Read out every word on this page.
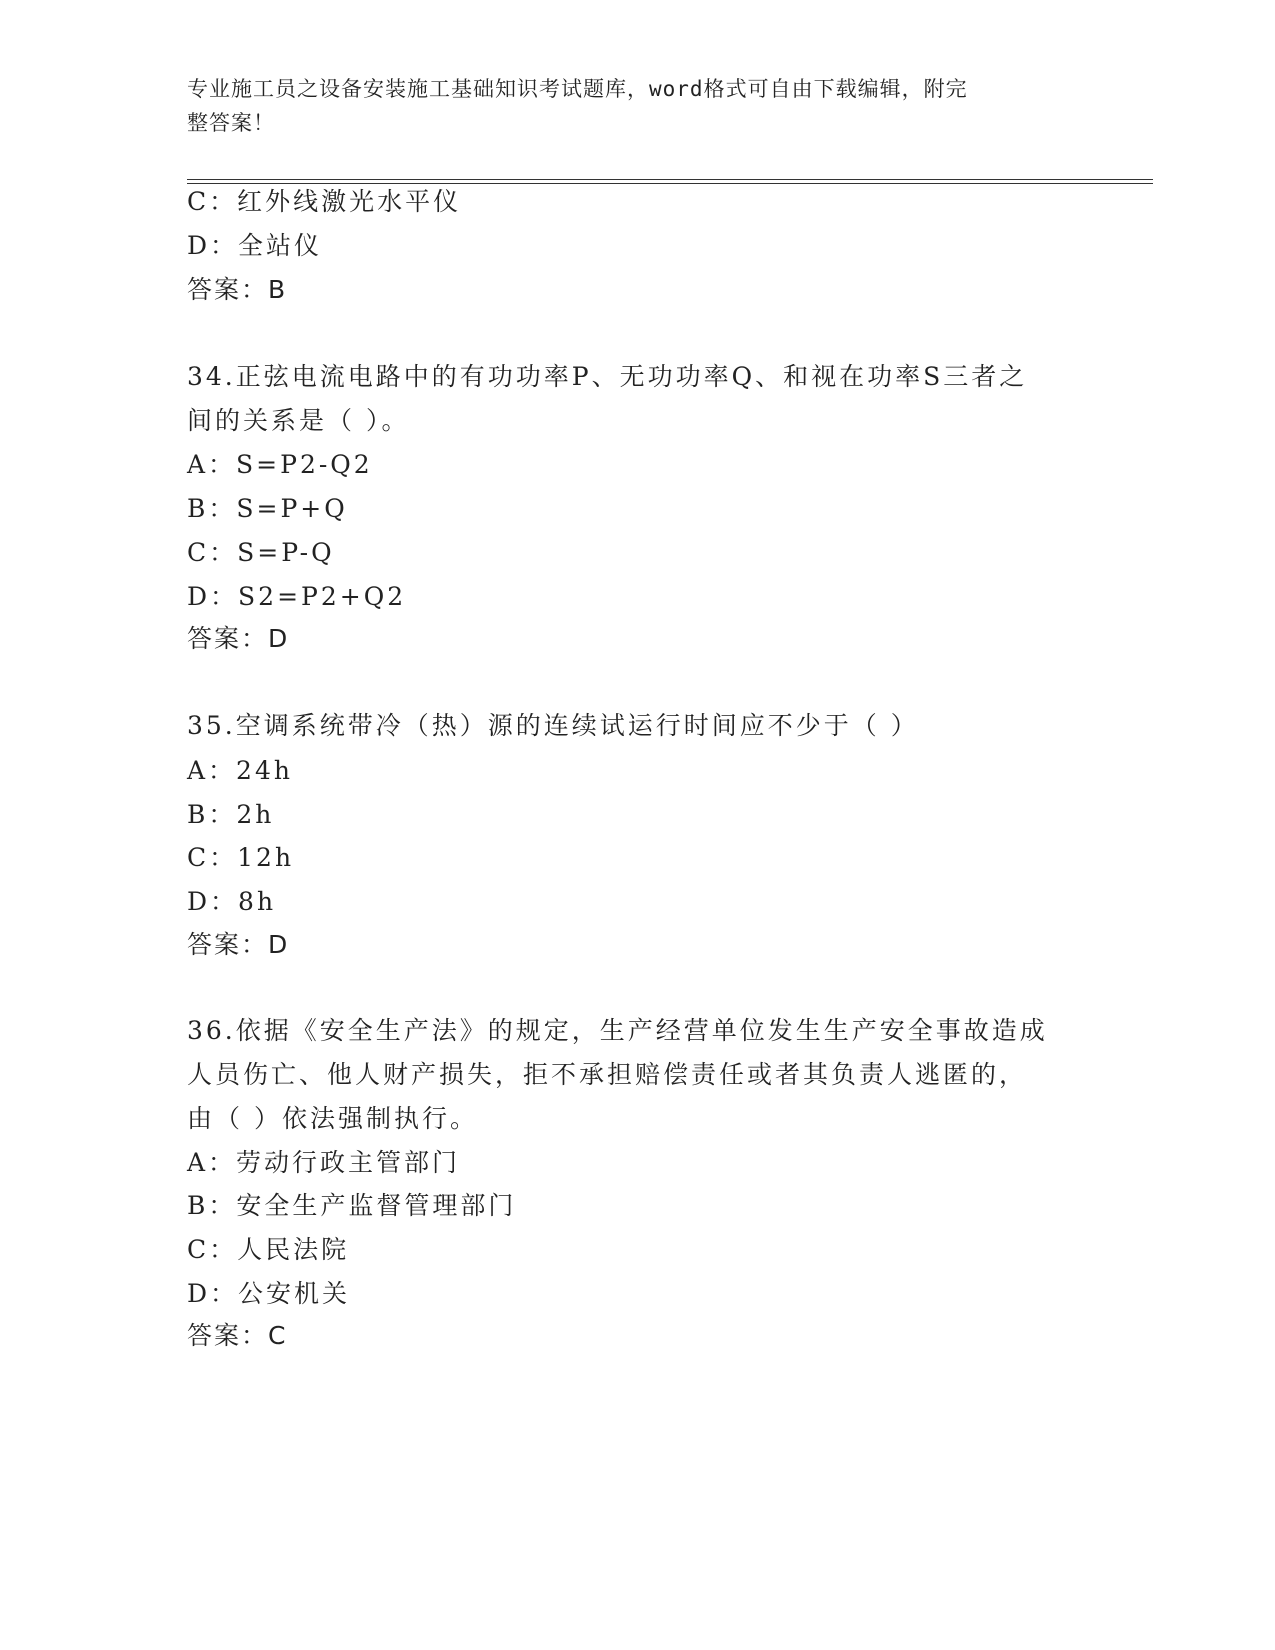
专业施工员之设备安装施工基础知识考试题库，word格式可自由下载编辑，附完
整答案！
C：红外线激光水平仪
D：全站仪
答案：B
34.正弦电流电路中的有功功率P、无功功率Q、和视在功率S三者之
间的关系是（ ）。
A：S=P2-Q2
B：S=P+Q
C：S=P-Q
D：S2=P2+Q2
答案：D
35.空调系统带冷（热）源的连续试运行时间应不少于（ ）
A：24h
B：2h
C：12h
D：8h
答案：D
36.依据《安全生产法》的规定，生产经营单位发生生产安全事故造成
人员伤亡、他人财产损失，拒不承担赔偿责任或者其负责人逃匿的，
由（ ）依法强制执行。
A：劳动行政主管部门
B：安全生产监督管理部门
C：人民法院
D：公安机关
答案：C
